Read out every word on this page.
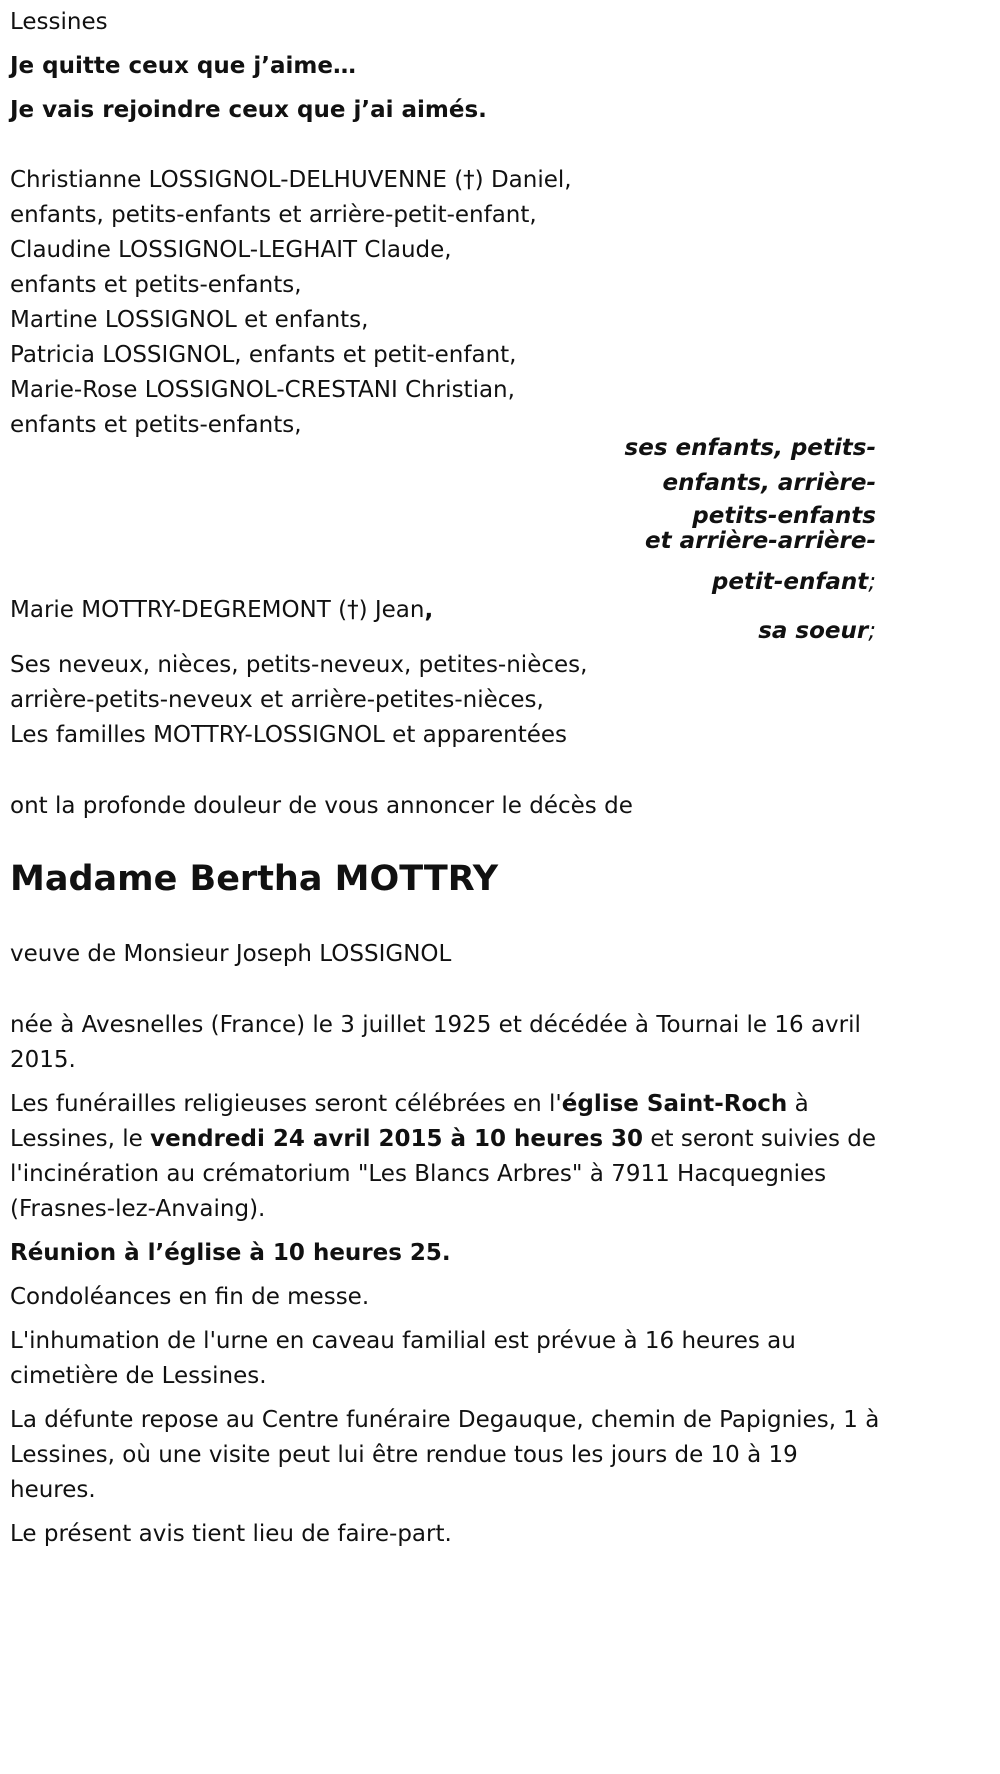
Lessines
Je quitte ceux que j’aime…
Je vais rejoindre ceux que j’ai aimés.
Christianne LOSSIGNOL-DELHUVENNE (†) Daniel,
enfants, petits-enfants et arrière-petit-enfant,
Claudine LOSSIGNOL-LEGHAIT Claude,
enfants et petits-enfants,
Martine LOSSIGNOL et enfants,
Patricia LOSSIGNOL, enfants et petit-enfant,
Marie-Rose LOSSIGNOL-CRESTANI Christian,
enfants et petits-enfants,
ses enfants, petits-
enfants, arrière-
petits-enfants
et arrière-arrière-
petit-enfant;
Marie MOTTRY-DEGREMONT (†) Jean,
sa soeur;
Ses neveux, nièces, petits-neveux, petites-nièces,
arrière-petits-neveux et arrière-petites-nièces,
Les familles MOTTRY-LOSSIGNOL et apparentées
ont la profonde douleur de vous annoncer le décès de
Madame Bertha MOTTRY
veuve de Monsieur Joseph LOSSIGNOL

née à Avesnelles (France) le 3 juillet 1925 et décédée à Tournai le 16 avril 2015.

Les funérailles religieuses seront célébrées en l'église Saint-Roch à Lessines, le vendredi 24 avril 2015 à 10 heures 30 et seront suivies de l'incinération au crématorium "Les Blancs Arbres" à 7911 Hacquegnies (Frasnes-lez-Anvaing).

Réunion à l’église à 10 heures 25.

Condoléances en fin de messe.

L'inhumation de l'urne en caveau familial est prévue à 16 heures au cimetière de Lessines.

La défunte repose au Centre funéraire Degauque, chemin de Papignies, 1 à Lessines, où une visite peut lui être rendue tous les jours de 10 à 19 heures.

Le présent avis tient lieu de faire-part.
